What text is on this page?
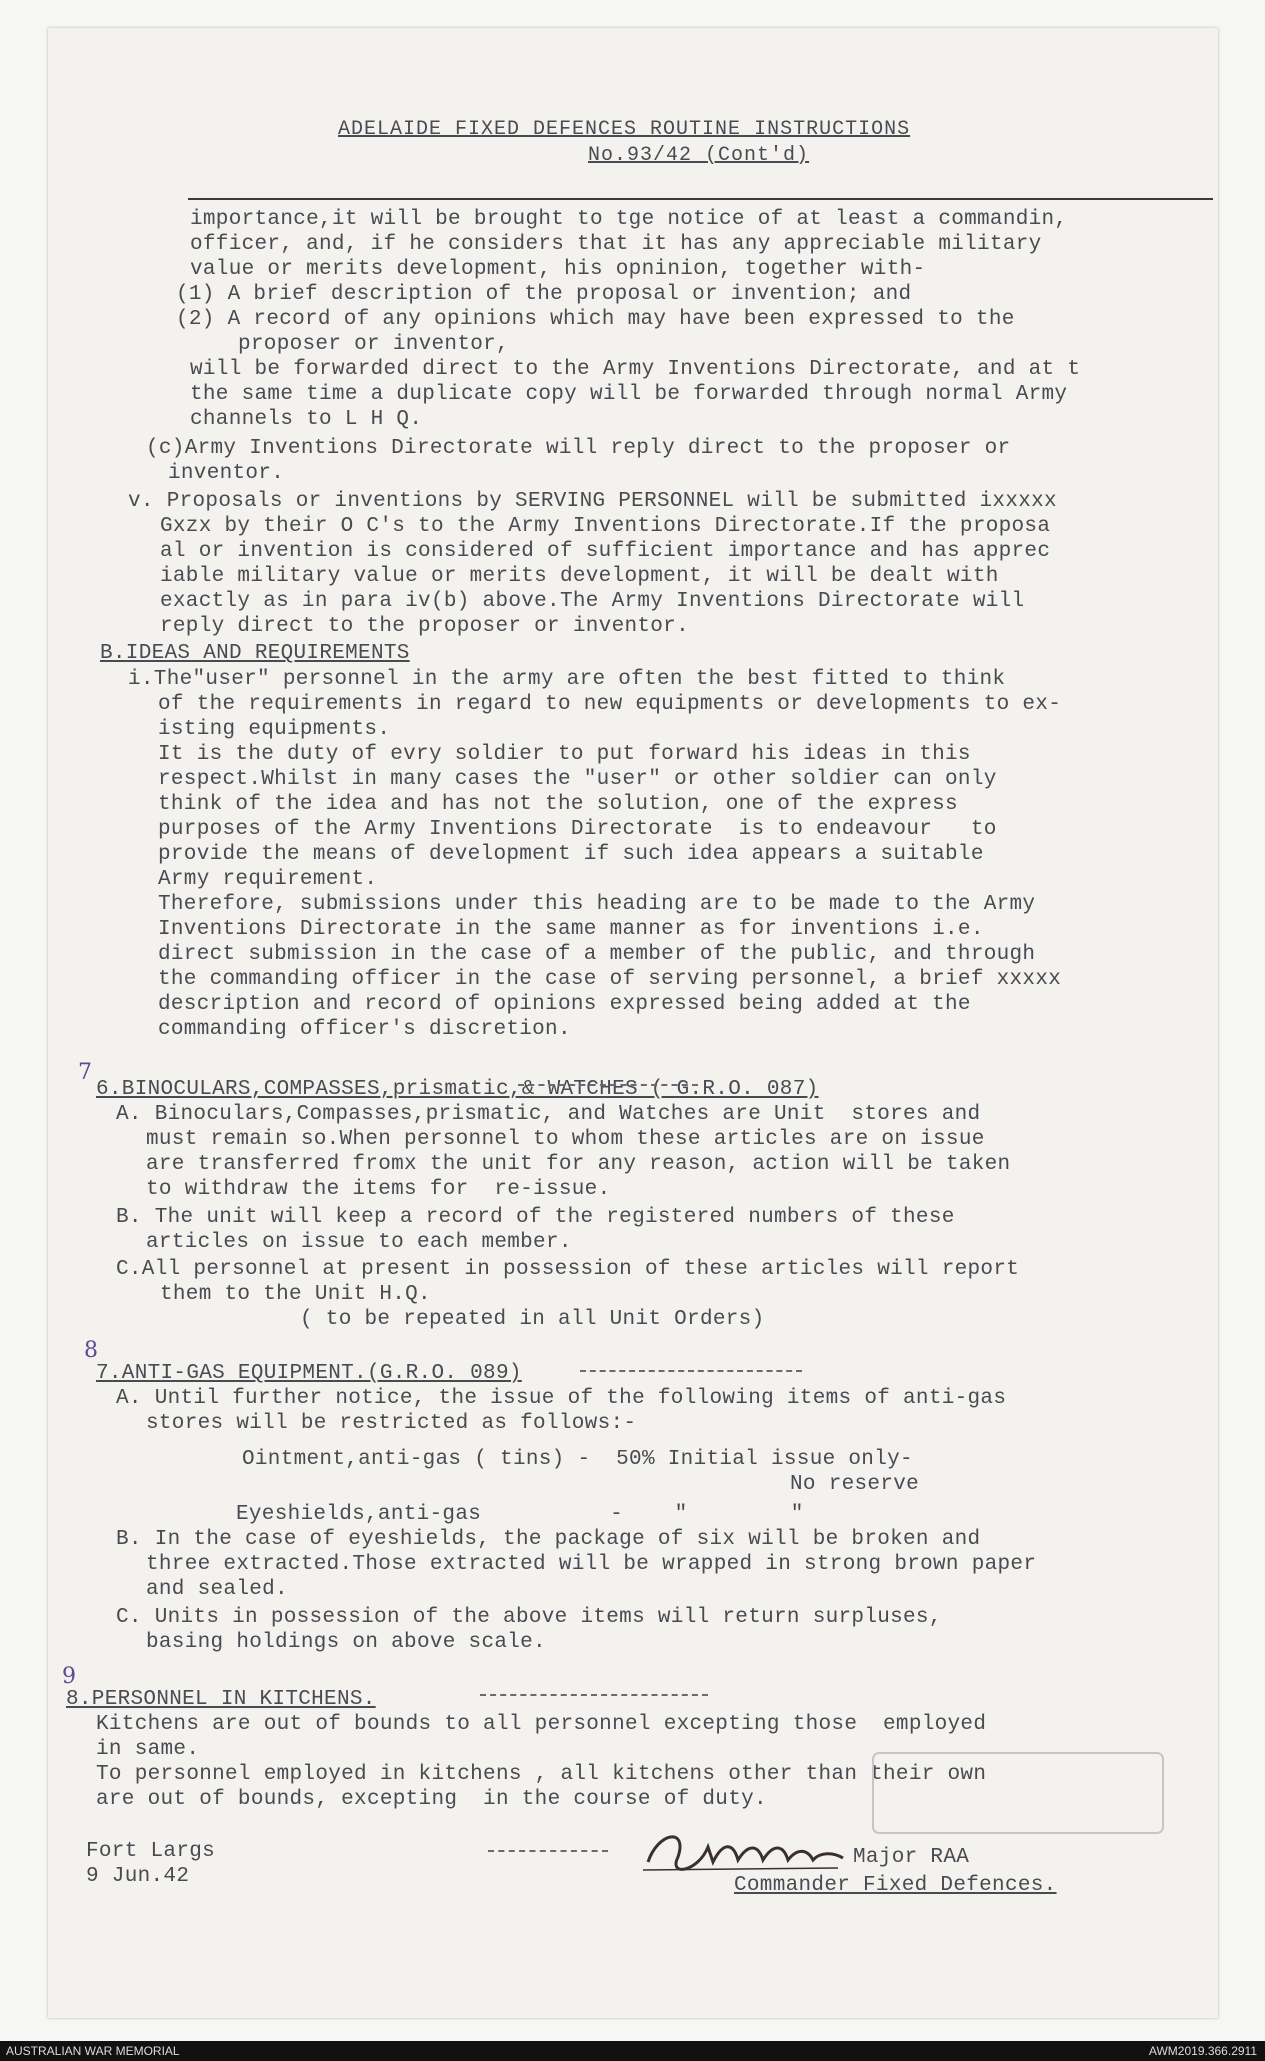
ADELAIDE FIXED DEFENCES ROUTINE INSTRUCTIONS
No.93/42 (Cont'd)
importance,it will be brought to tge notice of at least a commandin,
officer, and, if he considers that it has any appreciable military
value or merits development, his opninion, together with-
(1) A brief description of the proposal or invention; and
(2) A record of any opinions which may have been expressed to the
proposer or inventor,
will be forwarded direct to the Army Inventions Directorate, and at t
the same time a duplicate copy will be forwarded through normal Army
channels to L H Q.
(c)Army Inventions Directorate will reply direct to the proposer or
inventor.
v. Proposals or inventions by SERVING PERSONNEL will be submitted ixxxxx
Gxzx by their O C's to the Army Inventions Directorate.If the proposa
al or invention is considered of sufficient importance and has apprec
iable military value or merits development, it will be dealt with
exactly as in para iv(b) above.The Army Inventions Directorate will
reply direct to the proposer or inventor.
B.IDEAS AND REQUIREMENTS
i.The"user" personnel in the army are often the best fitted to think
of the requirements in regard to new equipments or developments to ex-
isting equipments.
It is the duty of evry soldier to put forward his ideas in this
respect.Whilst in many cases the "user" or other soldier can only
think of the idea and has not the solution, one of the express
purposes of the Army Inventions Directorate  is to endeavour   to
provide the means of development if such idea appears a suitable
Army requirement.
Therefore, submissions under this heading are to be made to the Army
Inventions Directorate in the same manner as for inventions i.e.
direct submission in the case of a member of the public, and through
the commanding officer in the case of serving personnel, a brief xxxxx
description and record of opinions expressed being added at the
commanding officer's discretion.
6.BINOCULARS,COMPASSES,prismatic,& WATCHES ( G.R.O. 087)
A. Binoculars,Compasses,prismatic, and Watches are Unit  stores and
must remain so.When personnel to whom these articles are on issue
are transferred fromx the unit for any reason, action will be taken
to withdraw the items for  re-issue.
B. The unit will keep a record of the registered numbers of these
articles on issue to each member.
C.All personnel at present in possession of these articles will report
them to the Unit H.Q.
( to be repeated in all Unit Orders)
7.ANTI-GAS EQUIPMENT.(G.R.O. 089)
A. Until further notice, the issue of the following items of anti-gas
stores will be restricted as follows:-
Ointment,anti-gas ( tins) -  50% Initial issue only-
No reserve
Eyeshields,anti-gas          -    "        "
B. In the case of eyeshields, the package of six will be broken and
three extracted.Those extracted will be wrapped in strong brown paper
and sealed.
C. Units in possession of the above items will return surpluses,
basing holdings on above scale.
8.PERSONNEL IN KITCHENS.
Kitchens are out of bounds to all personnel excepting those  employed
in same.
To personnel employed in kitchens , all kitchens other than their own
are out of bounds, excepting  in the course of duty.
Fort Largs
9 Jun.42
7
8
9
Major RAA
Commander Fixed Defences.
AUSTRALIAN WAR MEMORIAL	AWM2019.366.2911
